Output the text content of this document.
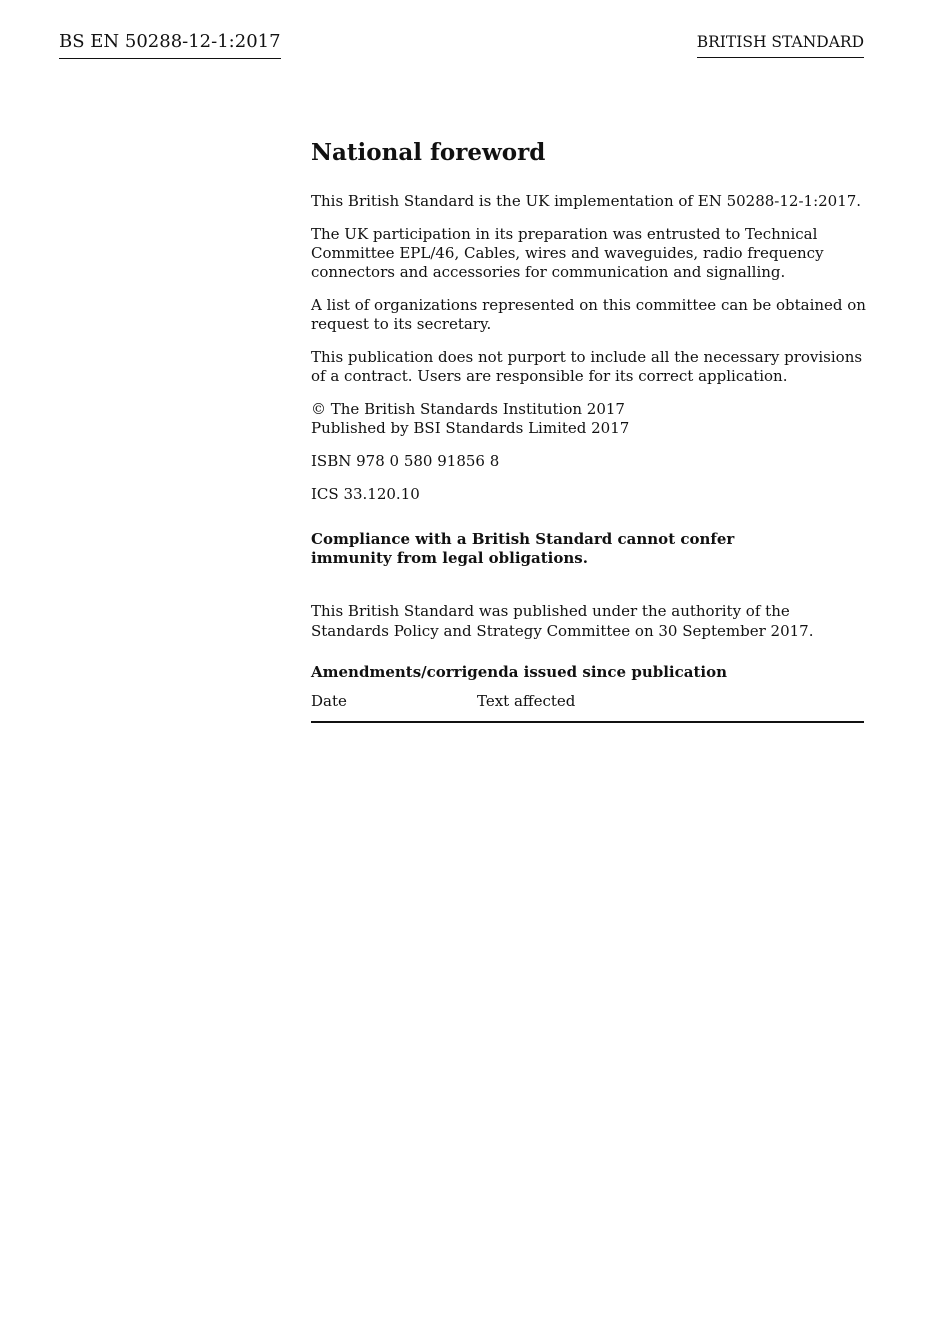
BS EN 50288-12-1:2017	BRITISH STANDARD
National foreword

This British Standard is the UK implementation of EN 50288-12-1:2017.

The UK participation in its preparation was entrusted to Technical Committee EPL/46, Cables, wires and waveguides, radio frequency connectors and accessories for communication and signalling.

A list of organizations represented on this committee can be obtained on request to its secretary.

This publication does not purport to include all the necessary provisions of a contract. Users are responsible for its correct application.

© The British Standards Institution 2017
Published by BSI Standards Limited 2017

ISBN 978 0 580 91856 8

ICS 33.120.10

Compliance with a British Standard cannot confer immunity from legal obligations.

This British Standard was published under the authority of the Standards Policy and Strategy Committee on 30 September 2017.

Amendments/corrigenda issued since publication
Date	Text affected
